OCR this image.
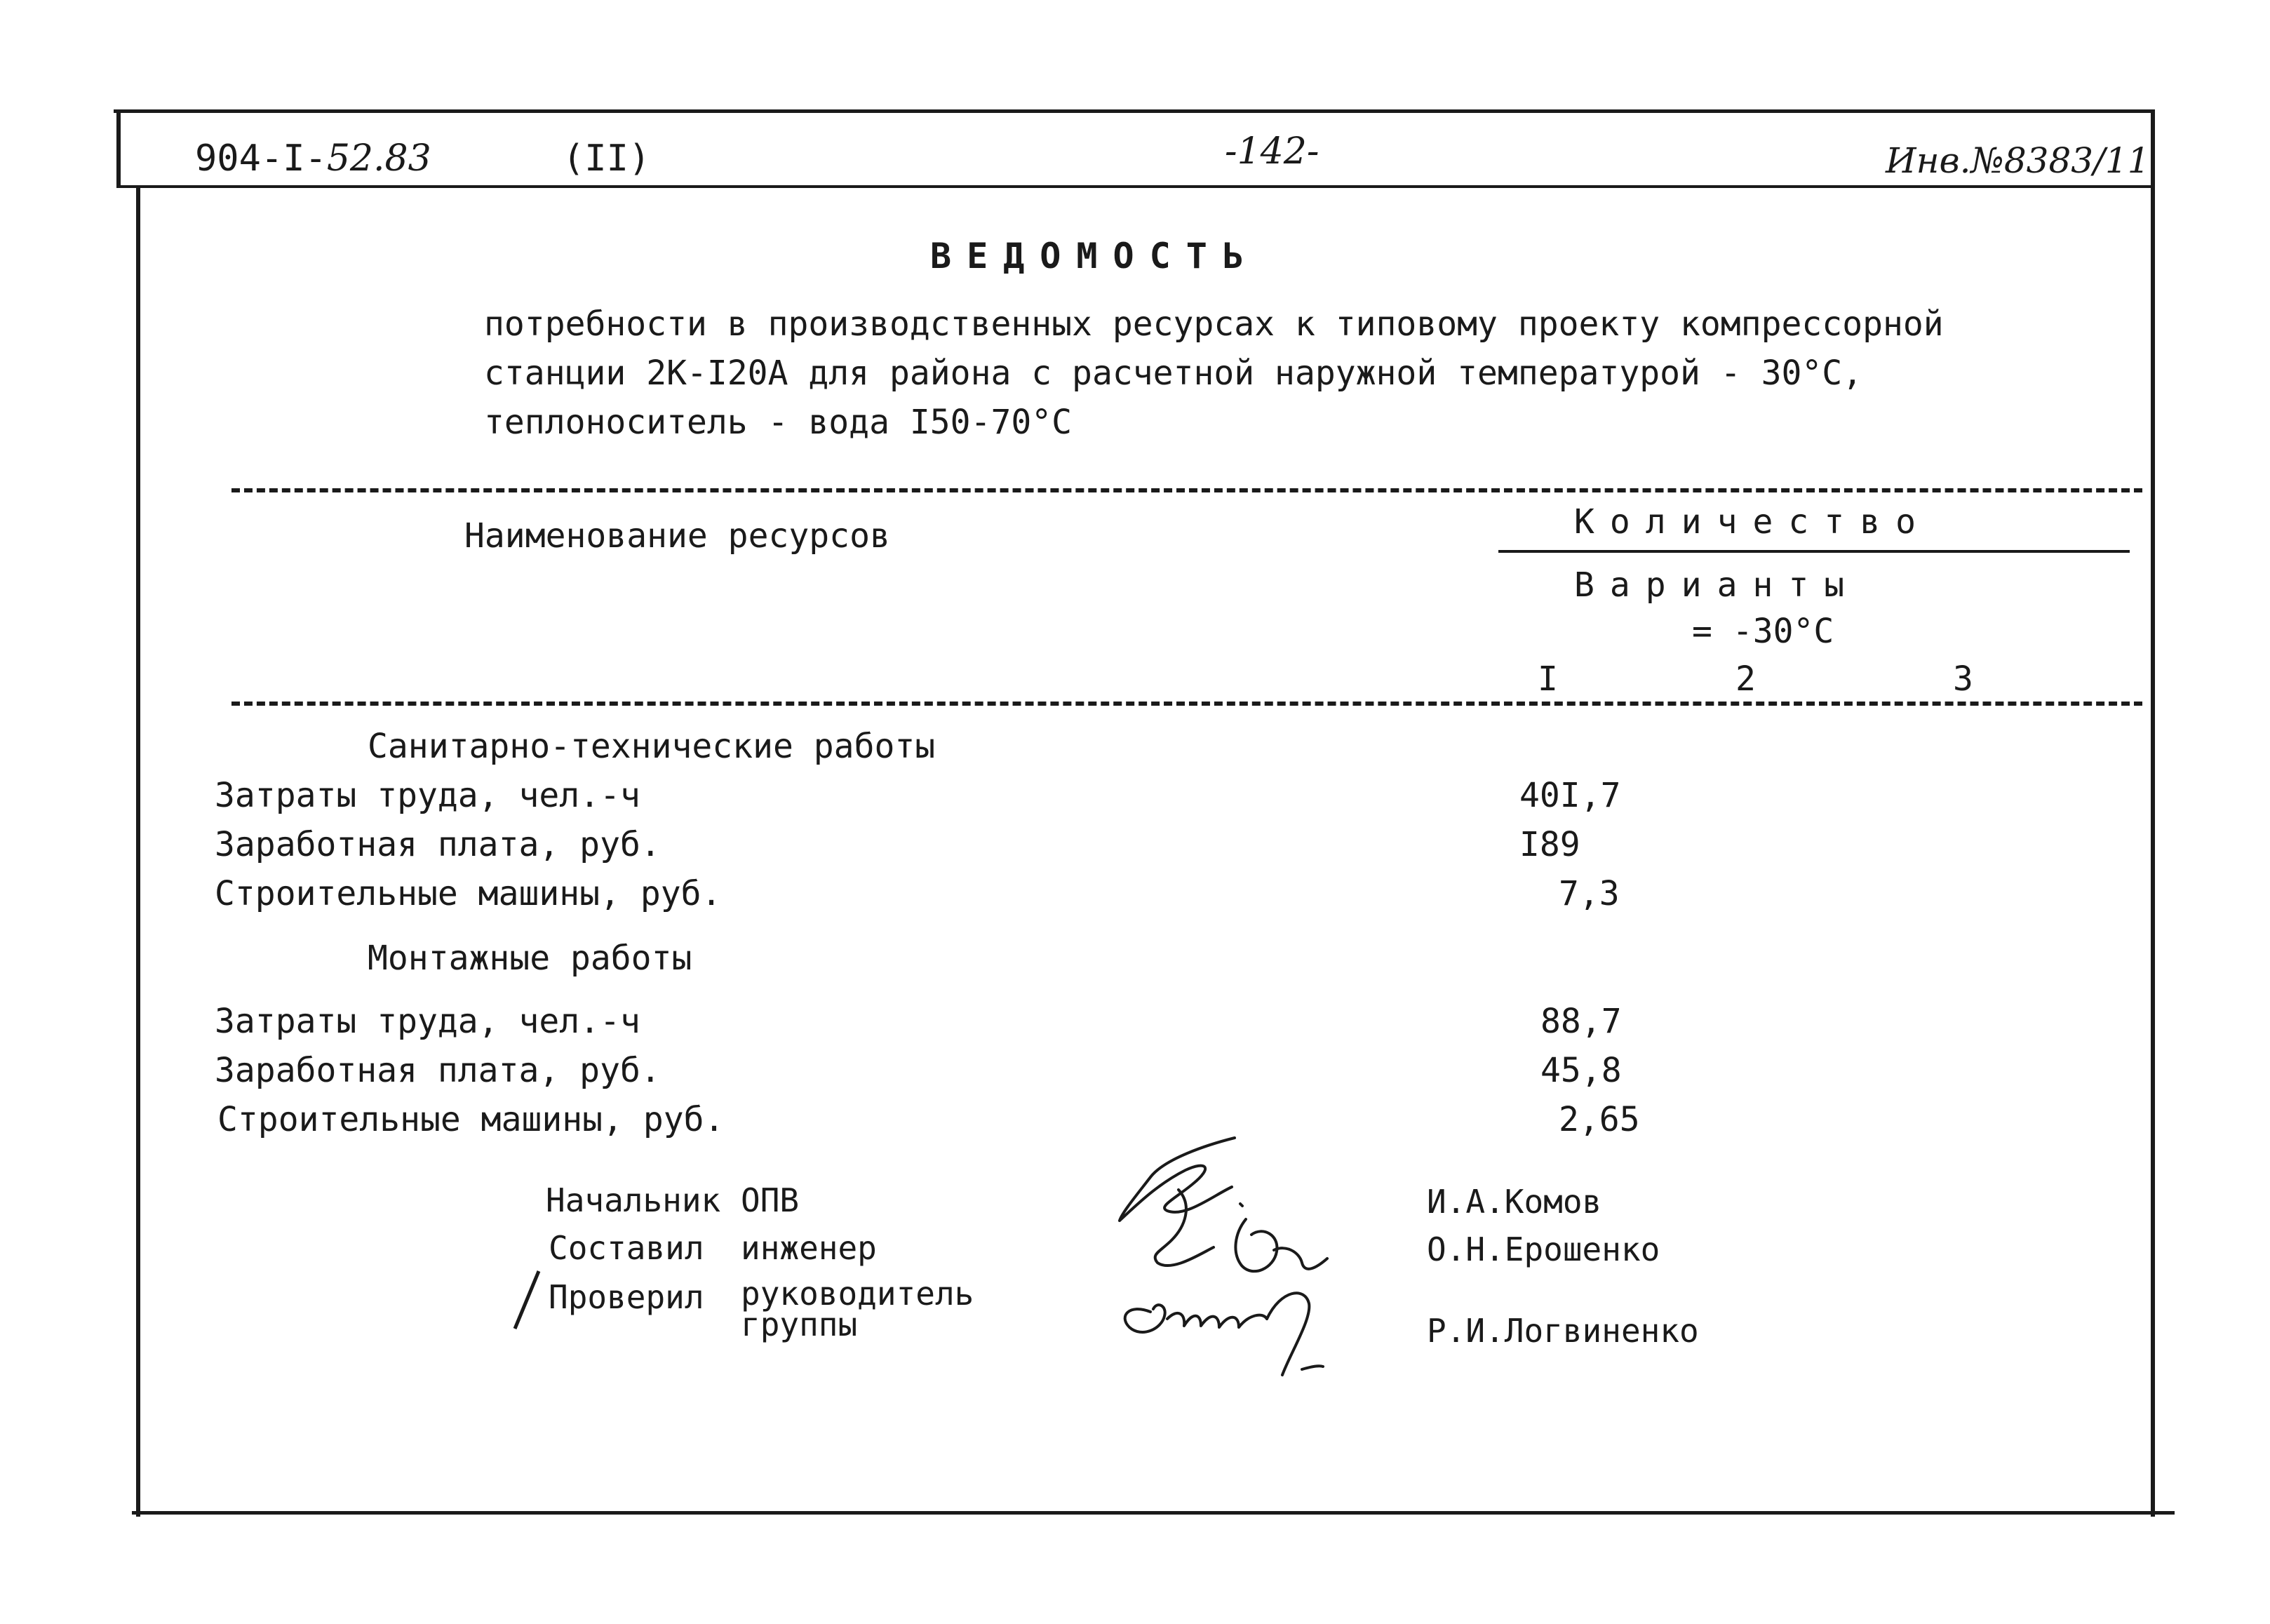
904-I-52.83	(II)	-142-	Инв.№8383/11
ВЕДОМОСТЬ
потребности в производственных ресурсах к типовому проекту компрессорной
станции 2К-I20А для района с расчетной наружной температурой - 30°С,
теплоноситель - вода I50-70°С
Наименование ресурсов	Количество
Варианты
= -30°С
I	2	3
Санитарно-технические работы
Затраты труда, чел.-ч	40I,7
Заработная плата, руб.	I89
Строительные машины, руб.	7,3
Монтажные работы
Затраты труда, чел.-ч	88,7
Заработная плата, руб.	45,8
Строительные машины, руб.	2,65
Начальник ОПВ	И.А.Комов
Составил инженер	О.Н.Ерошенко
Проверил руководитель группы	Р.И.Логвиненко
